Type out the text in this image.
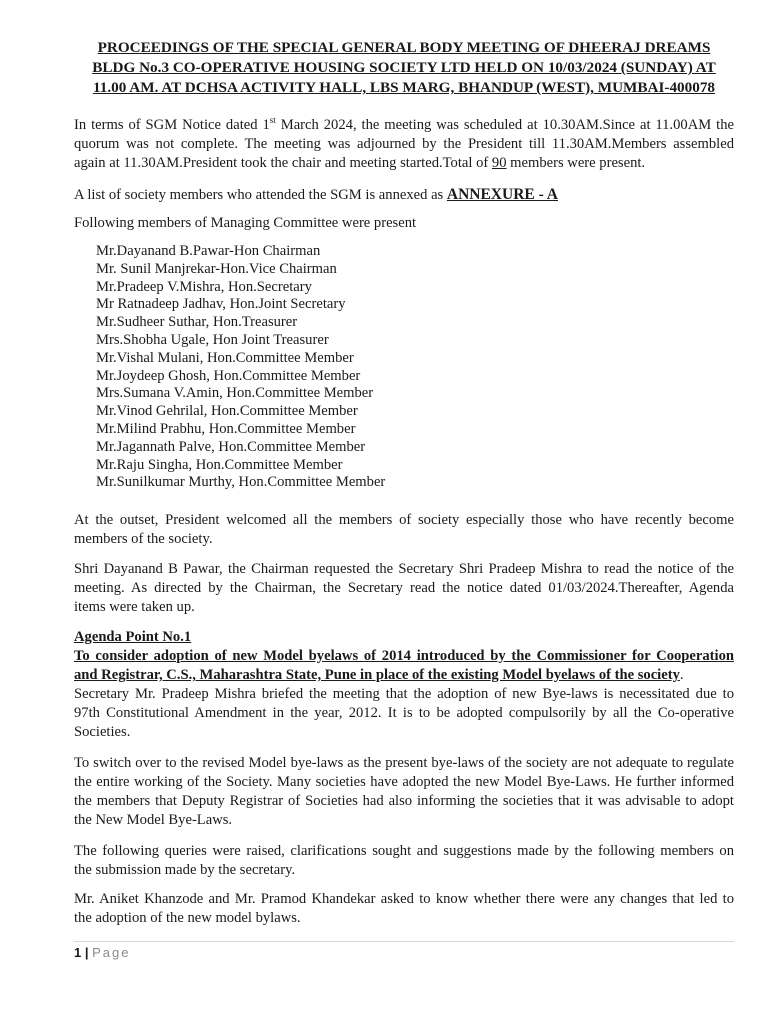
PROCEEDINGS OF THE SPECIAL GENERAL BODY MEETING OF DHEERAJ DREAMS
BLDG No.3 CO-OPERATIVE HOUSING SOCIETY LTD HELD ON 10/03/2024 (SUNDAY) AT
11.00 AM. AT DCHSA ACTIVITY HALL, LBS MARG, BHANDUP (WEST), MUMBAI-400078

In terms of SGM Notice dated 1st March 2024, the meeting was scheduled at 10.30AM.Since at 11.00AM the
quorum was not complete. The meeting was adjourned by the President till 11.30AM.Members assembled
again at 11.30AM.President took the chair and meeting started.Total of 90 members were present.

A list of society members who attended the SGM is annexed as ANNEXURE - A

Following members of Managing Committee were present

Mr.Dayanand B.Pawar-Hon Chairman
Mr. Sunil Manjrekar-Hon.Vice Chairman
Mr.Pradeep V.Mishra, Hon.Secretary
Mr Ratnadeep Jadhav, Hon.Joint Secretary
Mr.Sudheer Suthar, Hon.Treasurer
Mrs.Shobha Ugale, Hon Joint Treasurer
Mr.Vishal Mulani, Hon.Committee Member
Mr.Joydeep Ghosh, Hon.Committee Member
Mrs.Sumana V.Amin, Hon.Committee Member
Mr.Vinod Gehrilal, Hon.Committee Member
Mr.Milind Prabhu, Hon.Committee Member
Mr.Jagannath Palve, Hon.Committee Member
Mr.Raju Singha, Hon.Committee Member
Mr.Sunilkumar Murthy, Hon.Committee Member

At the outset, President welcomed all the members of society especially those who have recently become
members of the society.

Shri Dayanand B Pawar, the Chairman requested the Secretary Shri Pradeep Mishra to read the notice of the
meeting. As directed by the Chairman, the Secretary read the notice dated 01/03/2024.Thereafter, Agenda
items were taken up.

Agenda Point No.1
To consider adoption of new Model byelaws of 2014 introduced by the Commissioner for Cooperation
and Registrar, C.S., Maharashtra State, Pune in place of the existing Model byelaws of the society.
Secretary Mr. Pradeep Mishra briefed the meeting that the adoption of new Bye-laws is necessitated due to
97th Constitutional Amendment in the year, 2012. It is to be adopted compulsorily by all the Co-operative
Societies.

To switch over to the revised Model bye-laws as the present bye-laws of the society are not adequate to regulate
the entire working of the Society. Many societies have adopted the new Model Bye-Laws. He further informed
the members that Deputy Registrar of Societies had also informing the societies that it was advisable to adopt
the New Model Bye-Laws.

The following queries were raised, clarifications sought and suggestions made by the following members on
the submission made by the secretary.

Mr. Aniket Khanzode and Mr. Pramod Khandekar asked to know whether there were any changes that led to
the adoption of the new model bylaws.

1 | Page
